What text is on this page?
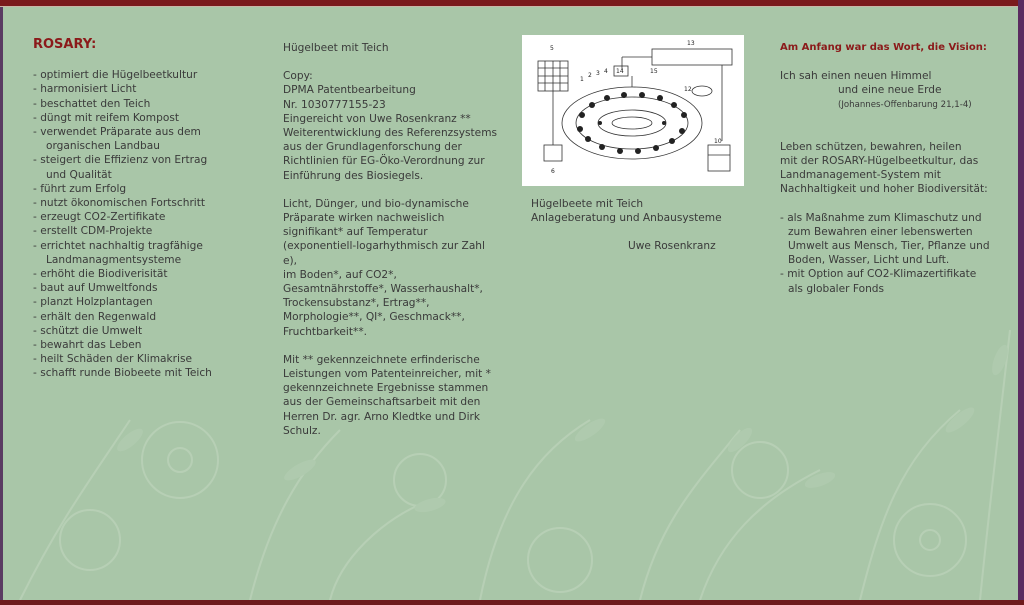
ROSARY:
- optimiert die Hügelbeetkultur
- harmonisiert Licht
- beschattet den Teich
- düngt mit reifem Kompost
- verwendet Präparate aus dem
organischen Landbau
- steigert die Effizienz von Ertrag
und Qualität
- führt zum Erfolg
- nutzt ökonomischen Fortschritt
- erzeugt CO2-Zertifikate
- erstellt CDM-Projekte
- errichtet nachhaltig tragfähige
Landmanagmentsysteme
- erhöht die Biodiverisität
- baut auf Umweltfonds
- planzt Holzplantagen
- erhält den Regenwald
- schützt die Umwelt
- bewahrt das Leben
- heilt Schäden der Klimakrise
- schafft runde Biobeete mit Teich

Hügelbeet mit Teich

Copy:

DPMA Patentbearbeitung

Nr. 1030777155-23

Eingereicht von Uwe Rosenkranz **

Weiterentwicklung des Referenzsystems

aus der Grundlagenforschung der

Richtlinien für EG-Öko-Verordnung zur

Einführung des Biosiegels.

Licht, Dünger, und bio-dynamische

Präparate wirken nachweislich

signifikant* auf Temperatur

(exponentiell-logarhythmisch zur Zahl e),

im Boden*, auf CO2*,

Gesamtnährstoffe*, Wasserhaushalt*,

Trockensubstanz*, Ertrag**,

Morphologie**, QI*, Geschmack**,

Fruchtbarkeit**.

Mit ** gekennzeichnete erfinderische

Leistungen vom Patenteinreicher, mit *

gekennzeichnete Ergebnisse stammen

aus der Gemeinschaftsarbeit mit den

Herren Dr. agr. Arno Kledtke und Dirk Schulz.

1
2 3 4
5
6
10
12
13
14	15

Hügelbeete mit Teich

Anlageberatung und Anbausysteme

Uwe Rosenkranz

Am Anfang war das Wort, die Vision:

Ich sah einen neuen Himmel

und eine neue Erde

(Johannes-Offenbarung 21,1-4)

Leben schützen, bewahren, heilen

mit der ROSARY-Hügelbeetkultur, das

Landmanagement-System mit

Nachhaltigkeit und hoher Biodiversität:

- als Maßnahme zum Klimaschutz und
zum Bewahren einer lebenswerten
Umwelt aus Mensch, Tier, Pflanze und
Boden, Wasser, Licht und Luft.
- mit Option auf CO2-Klimazertifikate
als globaler Fonds
